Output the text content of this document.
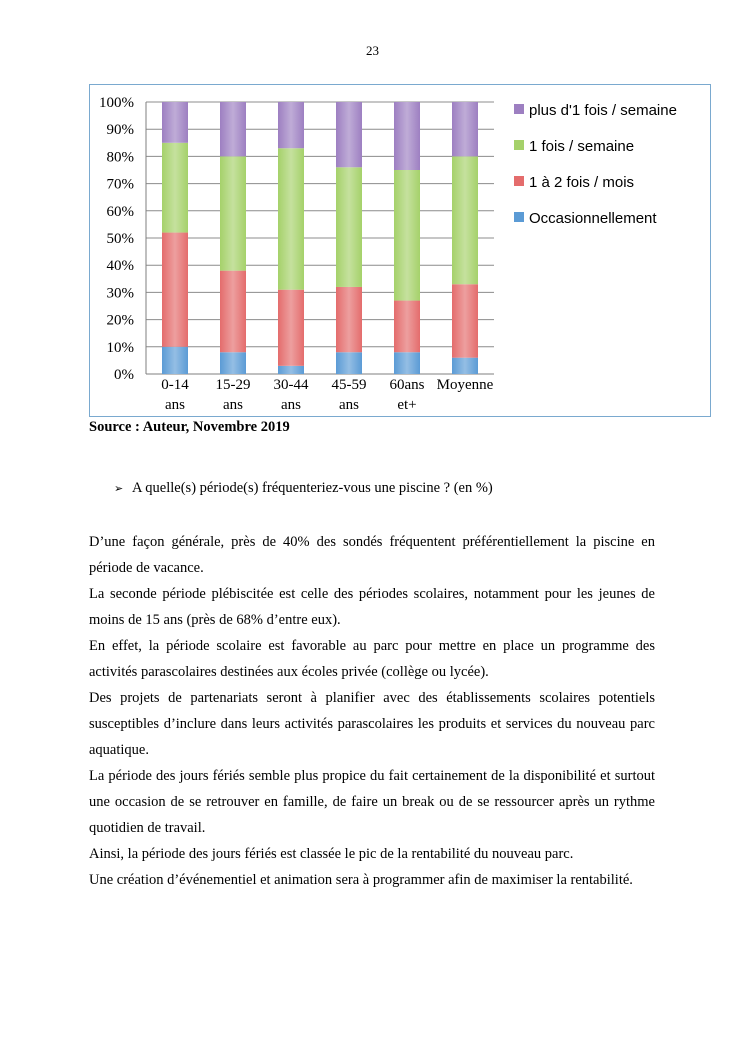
23
0%
10%
20%
30%
40%
50%
60%
70%
80%
90%
100%
0-14
ans
15-29
ans
30-44
ans
45-59
ans
60ans
et+
Moyenne
plus d'1 fois / semaine
1 fois / semaine
1 à 2 fois / mois
Occasionnellement
Source : Auteur, Novembre 2019
➢ A quelle(s) période(s) fréquenteriez-vous une piscine ? (en %)

D’une façon générale, près de 40% des sondés fréquentent préférentiellement la piscine en période de vacance.

La seconde période plébiscitée est celle des périodes scolaires, notamment pour les jeunes de moins de 15 ans (près de 68% d’entre eux).

En effet, la période scolaire est favorable au parc pour mettre en place un programme des activités parascolaires destinées aux écoles privée (collège ou lycée).

Des projets de partenariats seront à planifier avec des établissements scolaires potentiels susceptibles d’inclure dans leurs activités parascolaires les produits et services du nouveau parc aquatique.

La période des jours fériés semble plus propice du fait certainement de la disponibilité et surtout une occasion de se retrouver en famille, de faire un break ou de se ressourcer après un rythme quotidien de travail.

Ainsi, la période des jours fériés est classée le pic de la rentabilité du nouveau parc.

Une création d’événementiel et animation sera à programmer afin de maximiser la rentabilité.
